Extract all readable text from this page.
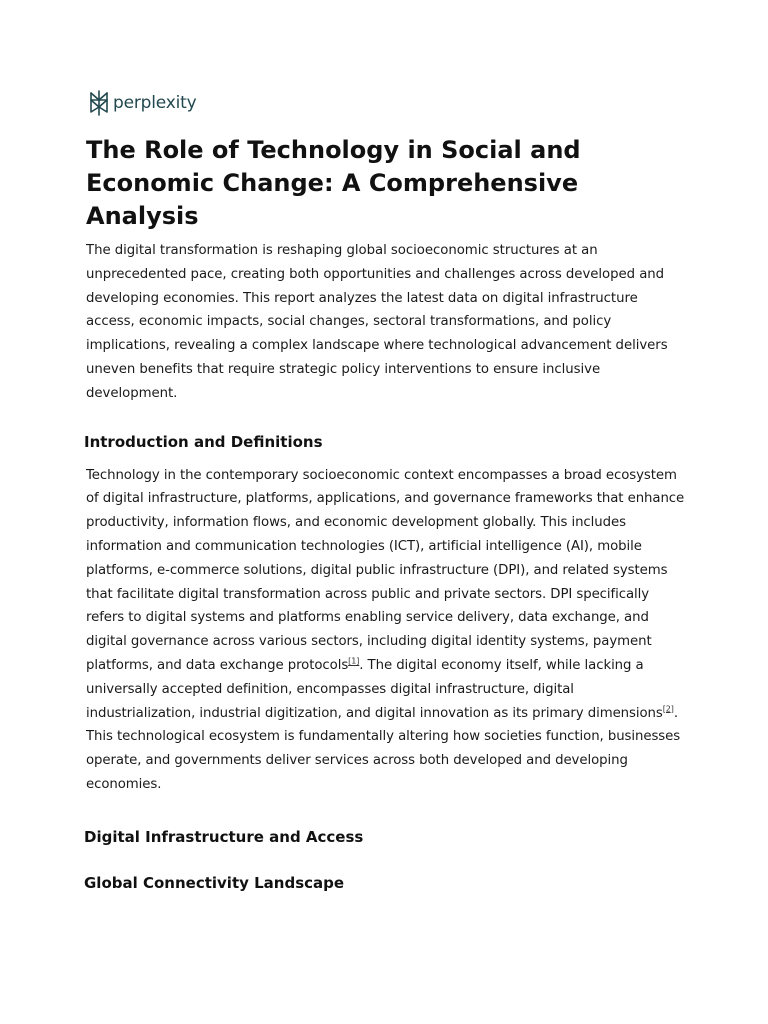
perplexity
The Role of Technology in Social and Economic Change: A Comprehensive Analysis

The digital transformation is reshaping global socioeconomic structures at an unprecedented pace, creating both opportunities and challenges across developed and developing economies. This report analyzes the latest data on digital infrastructure access, economic impacts, social changes, sectoral transformations, and policy implications, revealing a complex landscape where technological advancement delivers uneven benefits that require strategic policy interventions to ensure inclusive development.

Introduction and Definitions

Technology in the contemporary socioeconomic context encompasses a broad ecosystem of digital infrastructure, platforms, applications, and governance frameworks that enhance productivity, information flows, and economic development globally. This includes information and communication technologies (ICT), artificial intelligence (AI), mobile platforms, e-commerce solutions, digital public infrastructure (DPI), and related systems that facilitate digital transformation across public and private sectors. DPI specifically refers to digital systems and platforms enabling service delivery, data exchange, and digital governance across various sectors, including digital identity systems, payment platforms, and data exchange protocols[1]. The digital economy itself, while lacking a universally accepted definition, encompasses digital infrastructure, digital industrialization, industrial digitization, and digital innovation as its primary dimensions[2]. This technological ecosystem is fundamentally altering how societies function, businesses operate, and governments deliver services across both developed and developing economies.

Digital Infrastructure and Access
Global Connectivity Landscape
